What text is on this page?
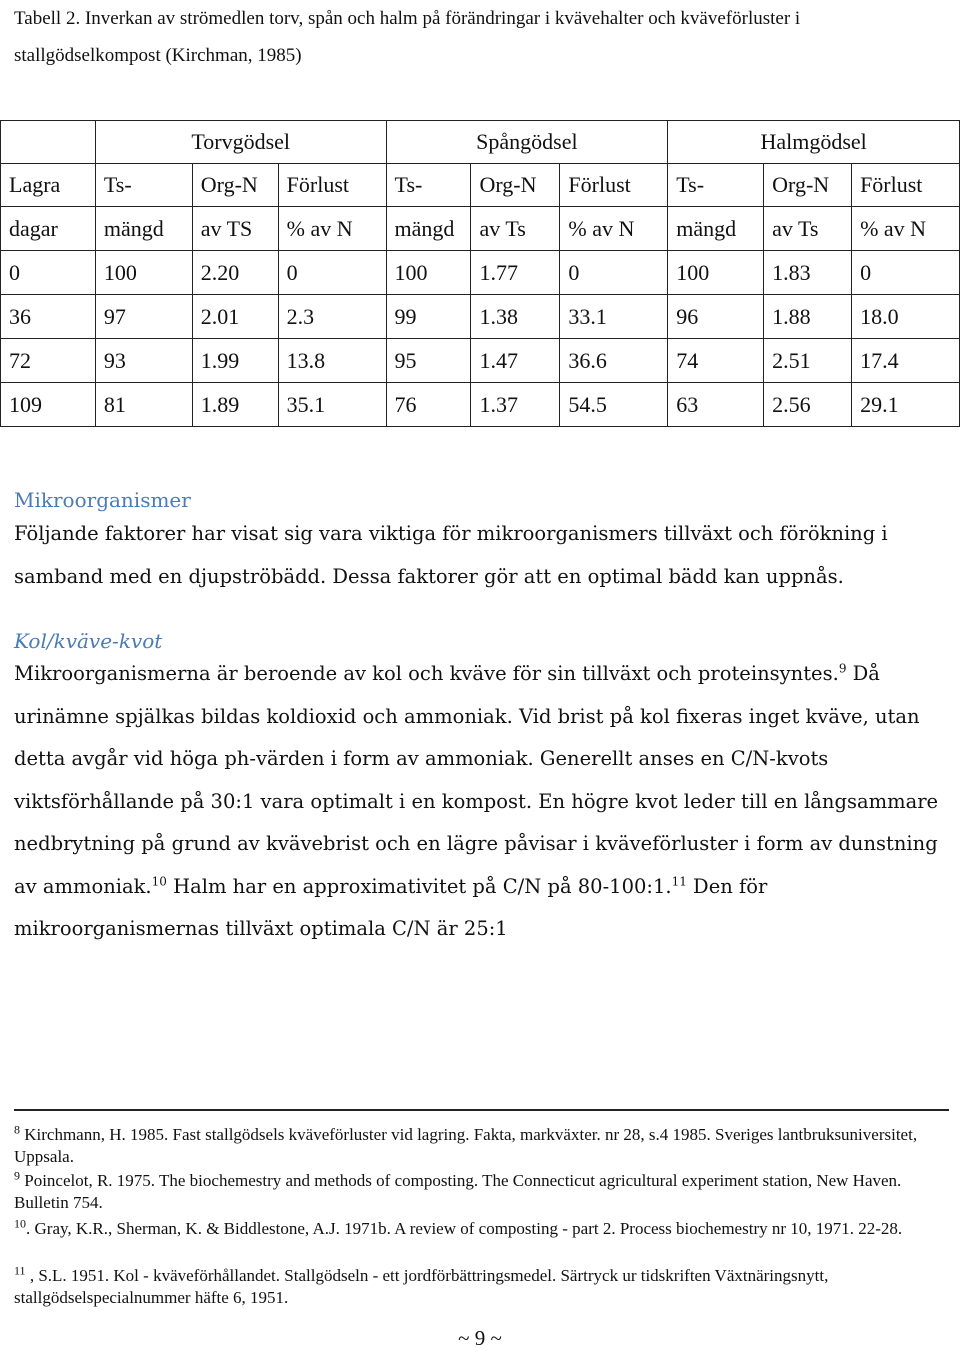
Tabell 2. Inverkan av strömedlen torv, spån och halm på förändringar i kvävehalter och kväveförluster i stallgödselkompost (Kirchman, 1985)
	Torvgödsel			Spångödsel			Halmgödsel		
Lagra	Ts-	Org-N	Förlust	Ts-	Org-N	Förlust	Ts-	Org-N	Förlust
dagar	mängd	av TS	% av N	mängd	av Ts	% av N	mängd	av Ts	% av N
0	100	2.20	0	100	1.77	0	100	1.83	0
36	97	2.01	2.3	99	1.38	33.1	96	1.88	18.0
72	93	1.99	13.8	95	1.47	36.6	74	2.51	17.4
109	81	1.89	35.1	76	1.37	54.5	63	2.56	29.1
Mikroorganismer
Följande faktorer har visat sig vara viktiga för mikroorganismers tillväxt och förökning i samband med en djupströbädd. Dessa faktorer gör att en optimal bädd kan uppnås.
Kol/kväve-kvot
Mikroorganismerna är beroende av kol och kväve för sin tillväxt och proteinsyntes.$^9$ Då urinämne spjälkas bildas koldioxid och ammoniak. Vid brist på kol fixeras inget kväve, utan detta avgår vid höga ph-värden i form av ammoniak. Generellt anses en C/N-kvots viktsförhållande på 30:1 vara optimalt i en kompost. En högre kvot leder till en långsammare nedbrytning på grund av kvävebrist och en lägre påvisar i kväveförluster i form av dunstning av ammoniak.$^{10}$ Halm har en approximativitet på C/N på 80-100:1.11 Den för mikroorganismernas tillväxt optimala C/N är 25:1
$^8$ Kirchmann, H. 1985. Fast stallgödsels kväveförluster vid lagring. Fakta, markväxter. nr 28, s.4 1985. Sveriges lantbruksuniversitet, Uppsala.
$^9$ Poincelot, R. 1975. The biochemestry and methods of composting. The Connecticut agricultural experiment station, New Haven. Bulletin 754.
$^{10}$. Gray, K.R., Sherman, K. & Biddlestone, A.J. 1971b. A review of composting - part 2. Process biochemestry nr 10, 1971. 22-28.
$^{11}$ , S.L. 1951. Kol - kväveförhållandet. Stallgödseln - ett jordförbättringsmedel. Särtryck ur tidskriften Växtnäringsnytt, stallgödselspecialnummer häfte 6, 1951.
~ 9 ~
